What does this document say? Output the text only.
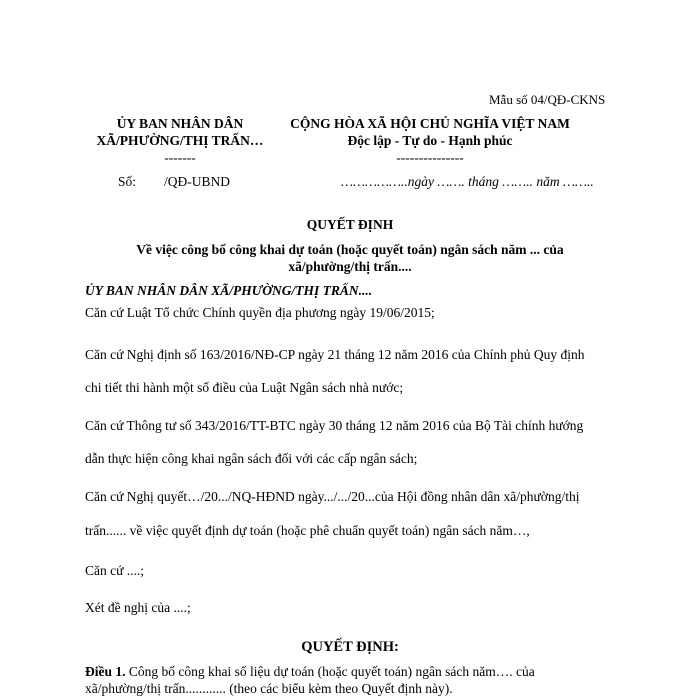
Mẫu số 04/QĐ-CKNS
ỦY BAN NHÂN DÂN
XÃ/PHƯỜNG/THỊ TRẤN…
-------
Số: /QĐ-UBND
CỘNG HÒA XÃ HỘI CHỦ NGHĨA VIỆT NAM
Độc lập - Tự do - Hạnh phúc
---------------
……………..ngày ……. tháng …….. năm ……..
QUYẾT ĐỊNH
Về việc công bố công khai dự toán (hoặc quyết toán) ngân sách năm ... của
xã/phường/thị trấn....
ỦY BAN NHÂN DÂN XÃ/PHƯỜNG/THỊ TRẤN....
Căn cứ Luật Tổ chức Chính quyền địa phương ngày 19/06/2015;
Căn cứ Nghị định số 163/2016/NĐ-CP ngày 21 tháng 12 năm 2016 của Chính phủ Quy định
chi tiết thi hành một số điều của Luật Ngân sách nhà nước;
Căn cứ Thông tư số 343/2016/TT-BTC ngày 30 tháng 12 năm 2016 của Bộ Tài chính hướng
dẫn thực hiện công khai ngân sách đối với các cấp ngân sách;
Căn cứ Nghị quyết…/20.../NQ-HĐND ngày.../.../20...của Hội đồng nhân dân xã/phường/thị
trấn...... về việc quyết định dự toán (hoặc phê chuẩn quyết toán) ngân sách năm…,
Căn cứ ....;
Xét đề nghị của ....;
QUYẾT ĐỊNH:
Điều 1. Công bố công khai số liệu dự toán (hoặc quyết toán) ngân sách năm…. của
xã/phường/thị trấn............ (theo các biểu kèm theo Quyết định này).
